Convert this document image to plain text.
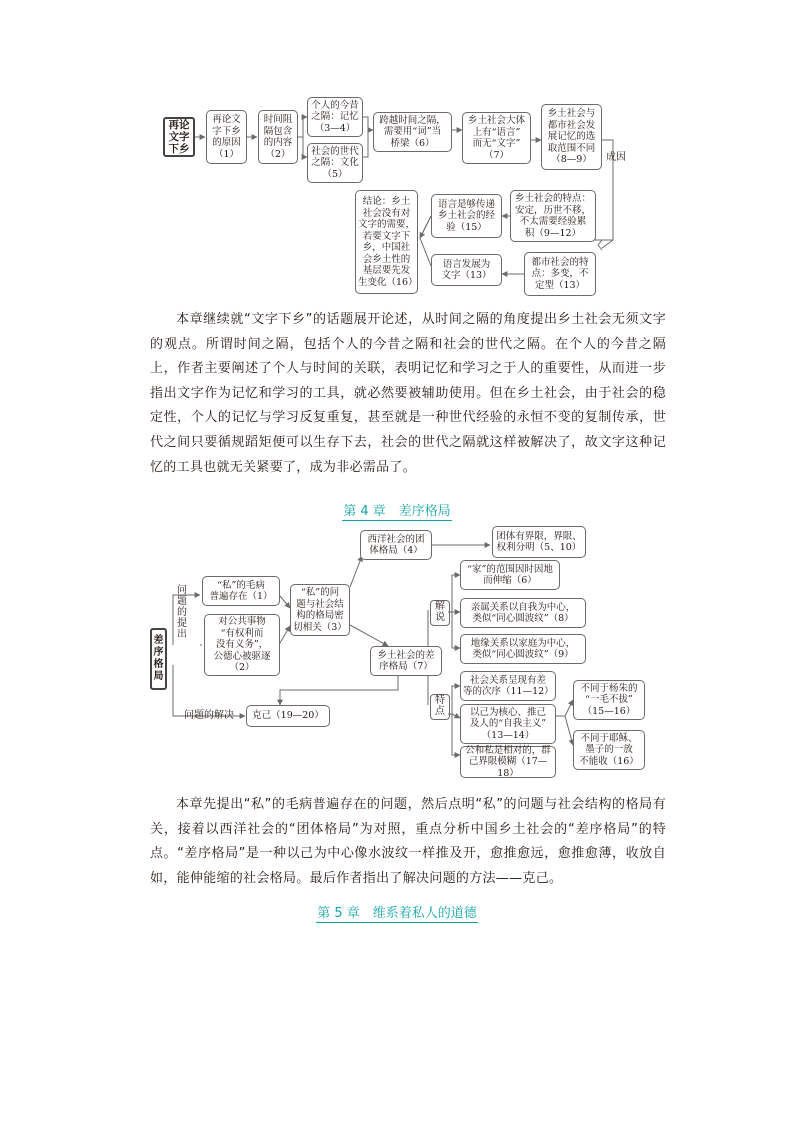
再论
文字
下乡
再论文
字下乡
的原因
（1）
时间阻
隔包含
的内容
（2）
个人的今昔
之隔：记忆
（3—4）
社会的世代
之隔：文化
（5）
跨越时间之隔，
需要用“词”当
桥梁（6）
乡土社会大体
上有“语言”
而无“文字”
（7）
乡土社会与
都市社会发
展记忆的选
取范围不同
（8—9）	成因
乡土社会的特点：
安定，历世不移，
不太需要经验累
积（9—12）
都市社会的特
点：多变，不
定型（13）
语言是够传递
乡土社会的经
验（15）
语言发展为
文字（13）
结论：乡土
社会没有对
文字的需要，
若要文字下
乡，中国社
会乡土性的
基层要先发
生变化（16）

本章继续就“文字下乡”的话题展开论述，从时间之隔的角度提出乡土社会无须文字的观点。所谓时间之隔，包括个人的今昔之隔和社会的世代之隔。在个人的今昔之隔上，作者主要阐述了个人与时间的关联，表明记忆和学习之于人的重要性，从而进一步指出文字作为记忆和学习的工具，就必然要被辅助使用。但在乡土社会，由于社会的稳定性，个人的记忆与学习反复重复，甚至就是一种世代经验的永恒不变的复制传承，世代之间只要循规蹈矩便可以生存下去，社会的世代之隔就这样被解决了，故文字这种记忆的工具也就无关紧要了，成为非必需品了。

第 4 章　差序格局
差
序
格
局
问
题
的
提
出
问题的解决
“私”的毛病
普遍存在（1）
对公共事物
“有权利而
没有义务”，
公德心被驱逐
（2）
“私”的问
题与社会结
构的格局密
切相关（3）
西洋社会的团
体格局（4）
团体有界限，界限、
权利分明（5、10）
乡土社会的差
序格局（7）
解
说
特
点
“家”的范围因时因地
而伸缩（6）
亲属关系以自我为中心，
类似“同心圆波纹”（8）
地缘关系以家庭为中心，
类似“同心圆波纹”（9）
社会关系呈现有差
等的次序（11—12）
以己为核心、推己
及人的“自我主义”
（13—14）
公和私是相对的，群
己界限模糊（17—18）
不同于杨朱的
“一毛不拔”
（15—16）
不同于耶稣、
墨子的一放
不能收（16）
克己（19—20）

本章先提出“私”的毛病普遍存在的问题，然后点明“私”的问题与社会结构的格局有关，接着以西洋社会的“团体格局”为对照，重点分析中国乡土社会的“差序格局”的特点。“差序格局”是一种以己为中心像水波纹一样推及开，愈推愈远，愈推愈薄，收放自如，能伸能缩的社会格局。最后作者指出了解决问题的方法——克己。

第 5 章　维系着私人的道德
